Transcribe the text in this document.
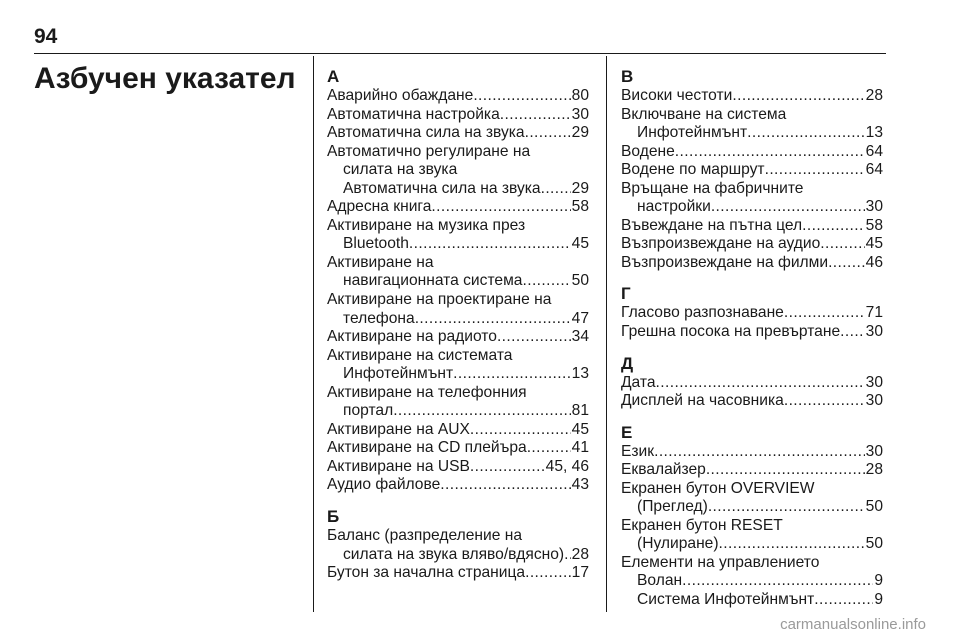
94
Азбучен указател А
Аварийно обаждане .....	80
Автоматична настройка .....	30
Автоматична сила на звука .....	29
Автоматично регулиране на
силата на звука
Автоматична сила на звука ..... 29
Адресна книга .....	58
Активиране на музика през
Bluetooth .....	45
Активиране на
навигационната система .....	50
Активиране на проектиране на
телефона .....	47
Активиране на радиото .....	34
Активиране на системата
Инфотейнмънт .....	13
Активиране на телефонния
портал .....	81
Активиране на AUX .....	45
Активиране на CD плейъра .....	41
Активиране на USB .....	45, 46
Аудио файлове .....	43
Б
Баланс (разпределение на
силата на звука вляво/вдясно) ..... 28
Бутон за начална страница .....	17
В
Високи честоти .....	28
Включване на система
Инфотейнмънт .....	13
Водене .....	64
Водене по маршрут .....	64
Връщане на фабричните
настройки .....	30
Въвеждане на пътна цел .....	58
Възпроизвеждане на аудио .....	45
Възпроизвеждане на филми ..... 46
Г
Гласово разпознаване .....	71
Грешна посока на превъртане ..... 30
Д
Дата .....	30
Дисплей на часовника .....	30
Е
Език .....	30
Еквалайзер .....	28
Екранен бутон OVERVIEW
(Преглед) .....	50
Екранен бутон RESET
(Нулиране) .....	50
Елементи на управлението
Волан .....	9
Система Инфотейнмънт .....	9
carmanualsonline.info
